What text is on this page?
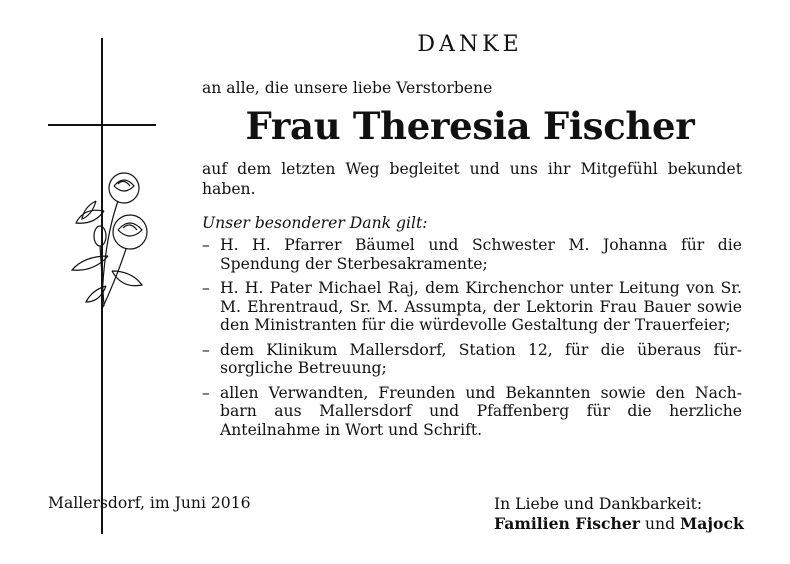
DANKE
an alle, die unsere liebe Verstorbene
Frau Theresia Fischer
auf dem letzten Weg begleitet und uns ihr Mitgefühl bekundet haben.
Unser besonderer Dank gilt:
– H. H. Pfarrer Bäumel und Schwester M. Johanna für die Spendung der Sterbesakramente;
– H. H. Pater Michael Raj, dem Kirchenchor unter Leitung von Sr. M. Ehrentraud, Sr. M. Assumpta, der Lektorin Frau Bauer sowie den Ministranten für die würdevolle Gestaltung der Trauerfeier;
– dem Klinikum Mallersdorf, Station 12, für die überaus für- sorgliche Betreuung;
– allen Verwandten, Freunden und Bekannten sowie den Nach- barn aus Mallersdorf und Pfaffenberg für die herzliche Anteilnahme in Wort und Schrift.
Mallersdorf, im Juni 2016	In Liebe und Dankbarkeit:
Familien Fischer und Majock
